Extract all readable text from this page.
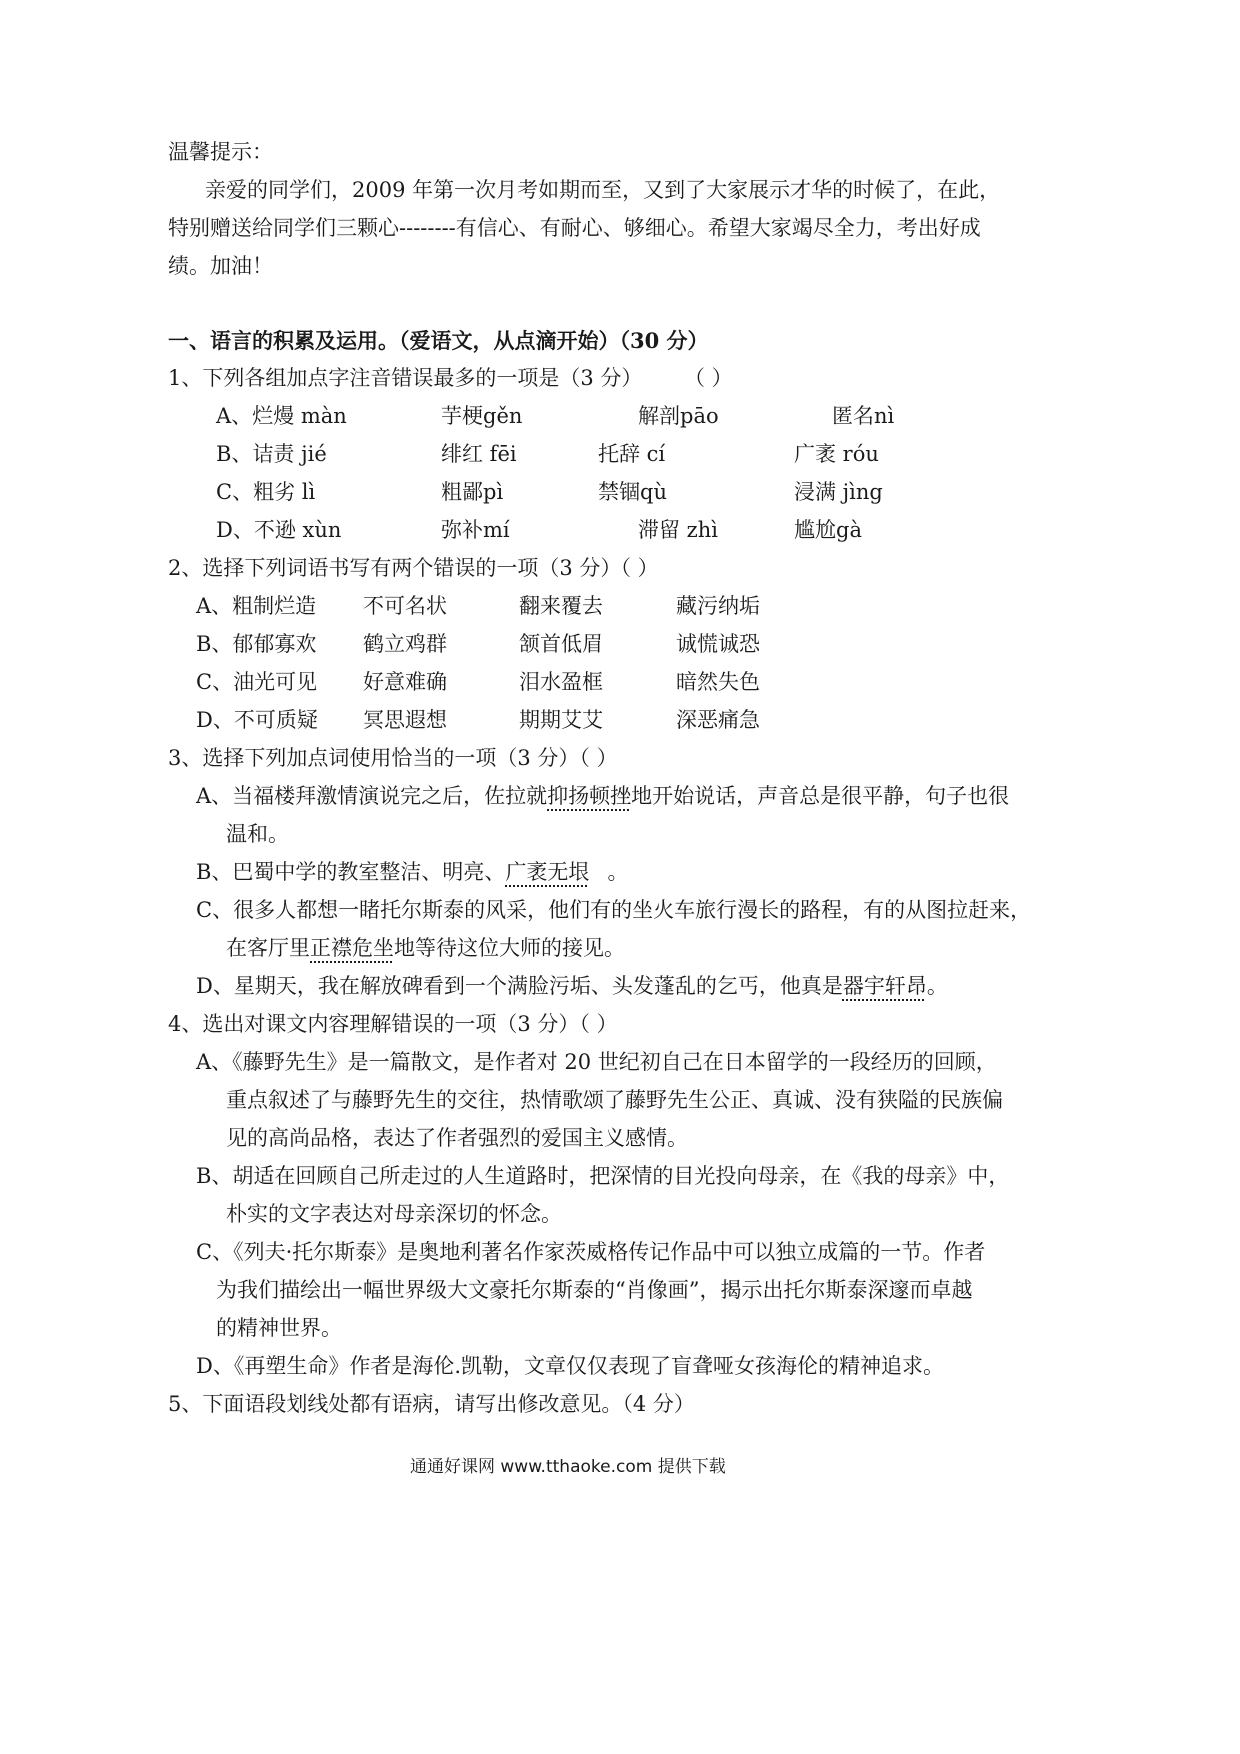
温馨提示：
亲爱的同学们，2009 年第一次月考如期而至，又到了大家展示才华的时候了，在此，
特别赠送给同学们三颗心--------有信心、有耐心、够细心。希望大家竭尽全力，考出好成
绩。加油！
一、语言的积累及运用。（爱语文，从点滴开始）（30 分）
1、下列各组加点字注音错误最多的一项是（3 分） （ ）
A、烂熳 màn	芋梗gěn	解剖pāo	匿名nì
B、诘责 jié	绯红 fēi	托辞 cí	广袤 róu
C、粗劣 lì	粗鄙pì	禁锢qù	浸满 jìng
D、不逊 xùn	弥补mí	滞留 zhì	尴尬gà
2、选择下列词语书写有两个错误的一项（3 分）
（ ）
A、粗制烂造 不可名状	翻来覆去	藏污纳垢
B、郁郁寡欢 鹤立鸡群	颔首低眉	诚慌诚恐
C、油光可见 好意难确	泪水盈框	暗然失色
D、不可质疑 冥思遐想	期期艾艾	深恶痛急
3、选择下列加点词使用恰当的一项（3 分）（ ）
A、当福楼拜激情演说完之后，佐拉就抑扬顿挫地开始说话，声音总是很平静，句子也很
温和。
B、巴蜀中学的教室整洁、明亮、广袤无垠 。
C、很多人都想一睹托尔斯泰的风采，他们有的坐火车旅行漫长的路程，有的从图拉赶来，
在客厅里正襟危坐地等待这位大师的接见。
D、星期天，我在解放碑看到一个满脸污垢、头发蓬乱的乞丐，他真是器宇轩昂。
4、选出对课文内容理解错误的一项（3 分）（ ）
A、《藤野先生》是一篇散文，是作者对 20 世纪初自己在日本留学的一段经历的回顾，
重点叙述了与藤野先生的交往，热情歌颂了藤野先生公正、真诚、没有狭隘的民族偏
见的高尚品格，表达了作者强烈的爱国主义感情。
B、胡适在回顾自己所走过的人生道路时，把深情的目光投向母亲，在《我的母亲》中，
朴实的文字表达对母亲深切的怀念。
C、《列夫·托尔斯泰》是奥地利著名作家茨威格传记作品中可以独立成篇的一节。作者
为我们描绘出一幅世界级大文豪托尔斯泰的“肖像画”，揭示出托尔斯泰深邃而卓越
的精神世界。
D、《再塑生命》作者是海伦.凯勒，文章仅仅表现了盲聋哑女孩海伦的精神追求。
5、下面语段划线处都有语病，请写出修改意见。（4 分）
通通好课网 www.tthaoke.com 提供下载
